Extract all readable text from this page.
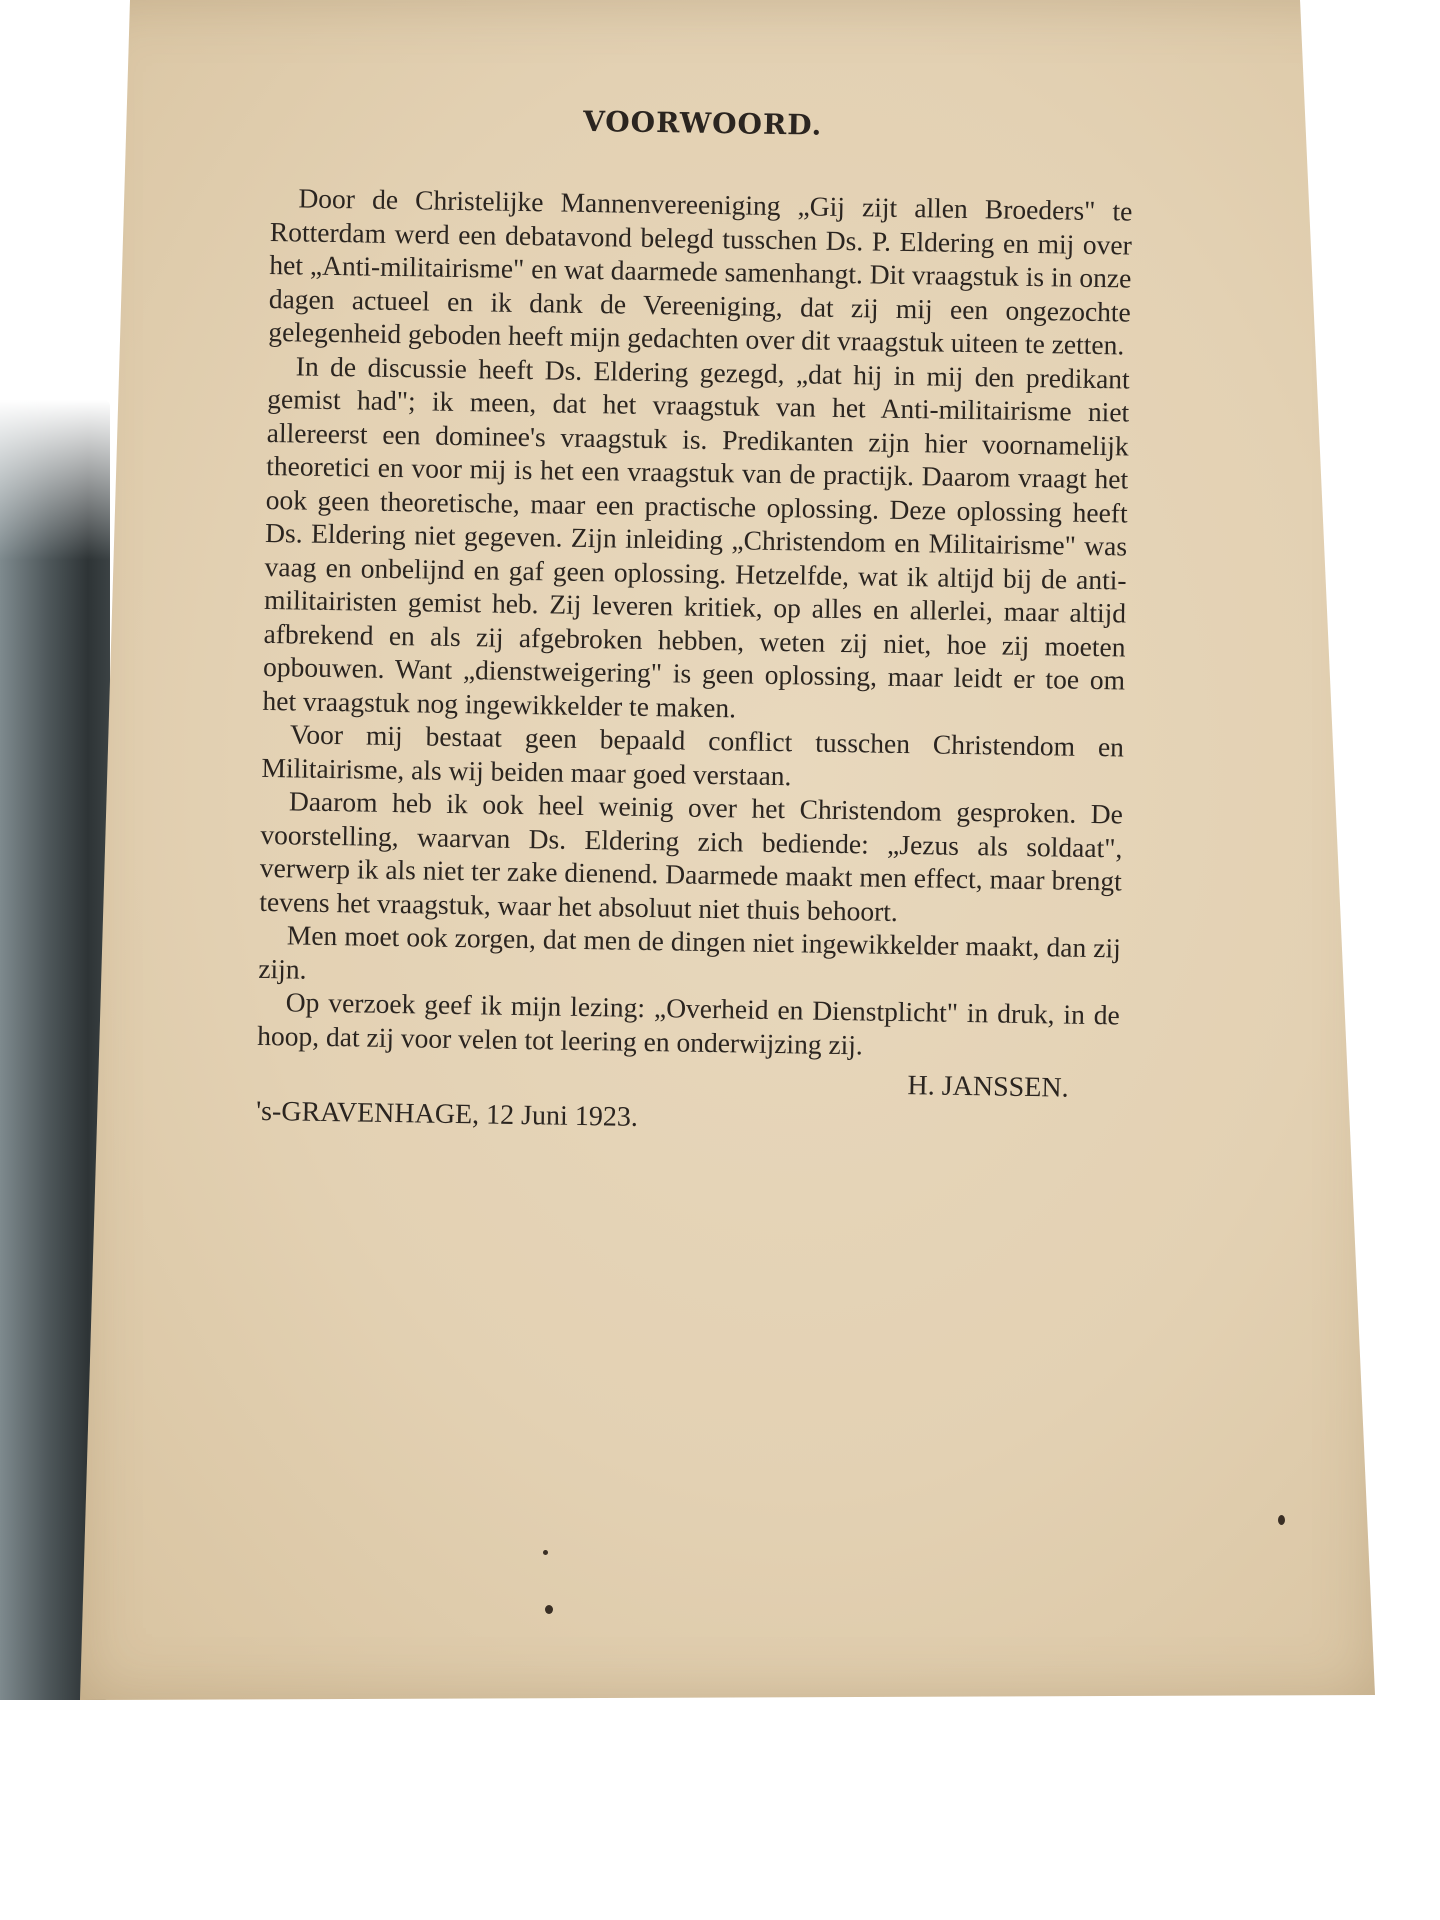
VOORWOORD.

Door de Christelijke Mannenvereeniging „Gij zijt allen Broeders" te Rotterdam werd een debatavond belegd tusschen Ds. P. Eldering en mij over het „Anti-militairisme" en wat daarmede samenhangt. Dit vraagstuk is in onze dagen actueel en ik dank de Vereeniging, dat zij mij een ongezochte gelegenheid geboden heeft mijn gedachten over dit vraagstuk uiteen te zetten.

In de discussie heeft Ds. Eldering gezegd, „dat hij in mij den predikant gemist had"; ik meen, dat het vraagstuk van het Anti-militairisme niet allereerst een dominee's vraagstuk is. Predikanten zijn hier voornamelijk theoretici en voor mij is het een vraagstuk van de practijk. Daarom vraagt het ook geen theoretische, maar een practische oplossing. Deze oplossing heeft Ds. Eldering niet gegeven. Zijn inleiding „Christendom en Militairisme" was vaag en onbelijnd en gaf geen oplossing. Hetzelfde, wat ik altijd bij de anti-militairisten gemist heb. Zij leveren kritiek, op alles en allerlei, maar altijd afbrekend en als zij afgebroken hebben, weten zij niet, hoe zij moeten opbouwen. Want „dienstweigering" is geen oplossing, maar leidt er toe om het vraagstuk nog ingewikkelder te maken.

Voor mij bestaat geen bepaald conflict tusschen Christendom en Militairisme, als wij beiden maar goed verstaan.

Daarom heb ik ook heel weinig over het Christendom gesproken. De voorstelling, waarvan Ds. Eldering zich bediende: „Jezus als soldaat", verwerp ik als niet ter zake dienend. Daarmede maakt men effect, maar brengt tevens het vraagstuk, waar het absoluut niet thuis behoort.

Men moet ook zorgen, dat men de dingen niet ingewikkelder maakt, dan zij zijn.

Op verzoek geef ik mijn lezing: „Overheid en Dienstplicht" in druk, in de hoop, dat zij voor velen tot leering en onderwijzing zij.

H. JANSSEN.
's-GRAVENHAGE, 12 Juni 1923.
